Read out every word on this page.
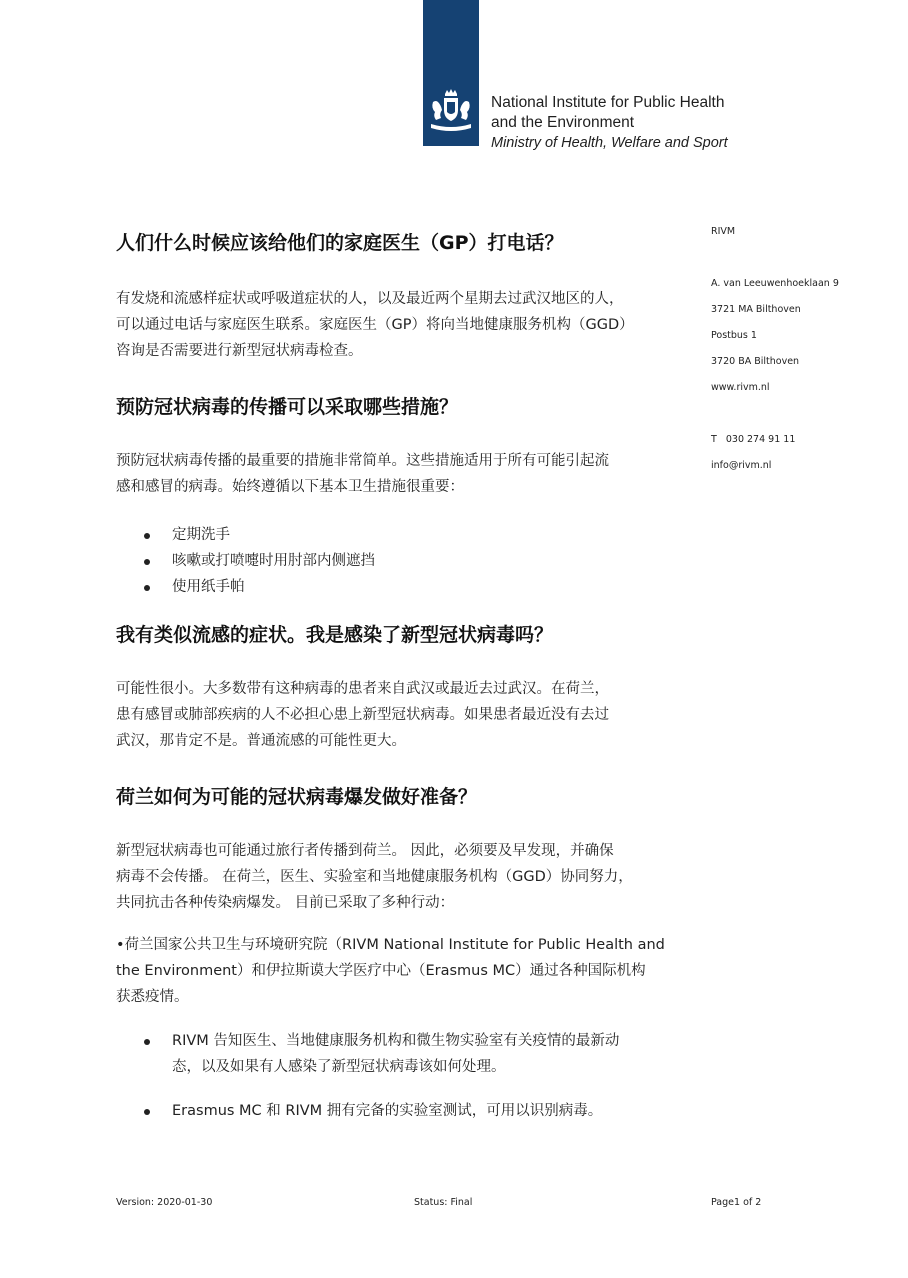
National Institute for Public Health
and the Environment
Ministry of Health, Welfare and Sport
RIVM
A. van Leeuwenhoeklaan 9
3721 MA Bilthoven
Postbus 1
3720 BA Bilthoven
www.rivm.nl
T   030 274 91 11
info@rivm.nl
人们什么时候应该给他们的家庭医生（GP）打电话？

有发烧和流感样症状或呼吸道症状的人，以及最近两个星期去过武汉地区的人，

可以通过电话与家庭医生联系。家庭医生（GP）将向当地健康服务机构（GGD）

咨询是否需要进行新型冠状病毒检查。

预防冠状病毒的传播可以采取哪些措施？

预防冠状病毒传播的最重要的措施非常简单。这些措施适用于所有可能引起流

感和感冒的病毒。始终遵循以下基本卫生措施很重要：

定期洗手
咳嗽或打喷嚏时用肘部内侧遮挡
使用纸手帕
我有类似流感的症状。我是感染了新型冠状病毒吗？

可能性很小。大多数带有这种病毒的患者来自武汉或最近去过武汉。在荷兰，

患有感冒或肺部疾病的人不必担心患上新型冠状病毒。如果患者最近没有去过

武汉，那肯定不是。普通流感的可能性更大。

荷兰如何为可能的冠状病毒爆发做好准备？

新型冠状病毒也可能通过旅行者传播到荷兰。 因此，必须要及早发现，并确保

病毒不会传播。 在荷兰，医生、实验室和当地健康服务机构（GGD）协同努力，

共同抗击各种传染病爆发。 目前已采取了多种行动：

•荷兰国家公共卫生与环境研究院（RIVM National Institute for Public Health and

the Environment）和伊拉斯谟大学医疗中心（Erasmus MC）通过各种国际机构

获悉疫情。

RIVM 告知医生、当地健康服务机构和微生物实验室有关疫情的最新动
态，以及如果有人感染了新型冠状病毒该如何处理。
Erasmus MC 和 RIVM 拥有完备的实验室测试，可用以识别病毒。
Version: 2020-01-30	Status: Final	Page1 of 2
